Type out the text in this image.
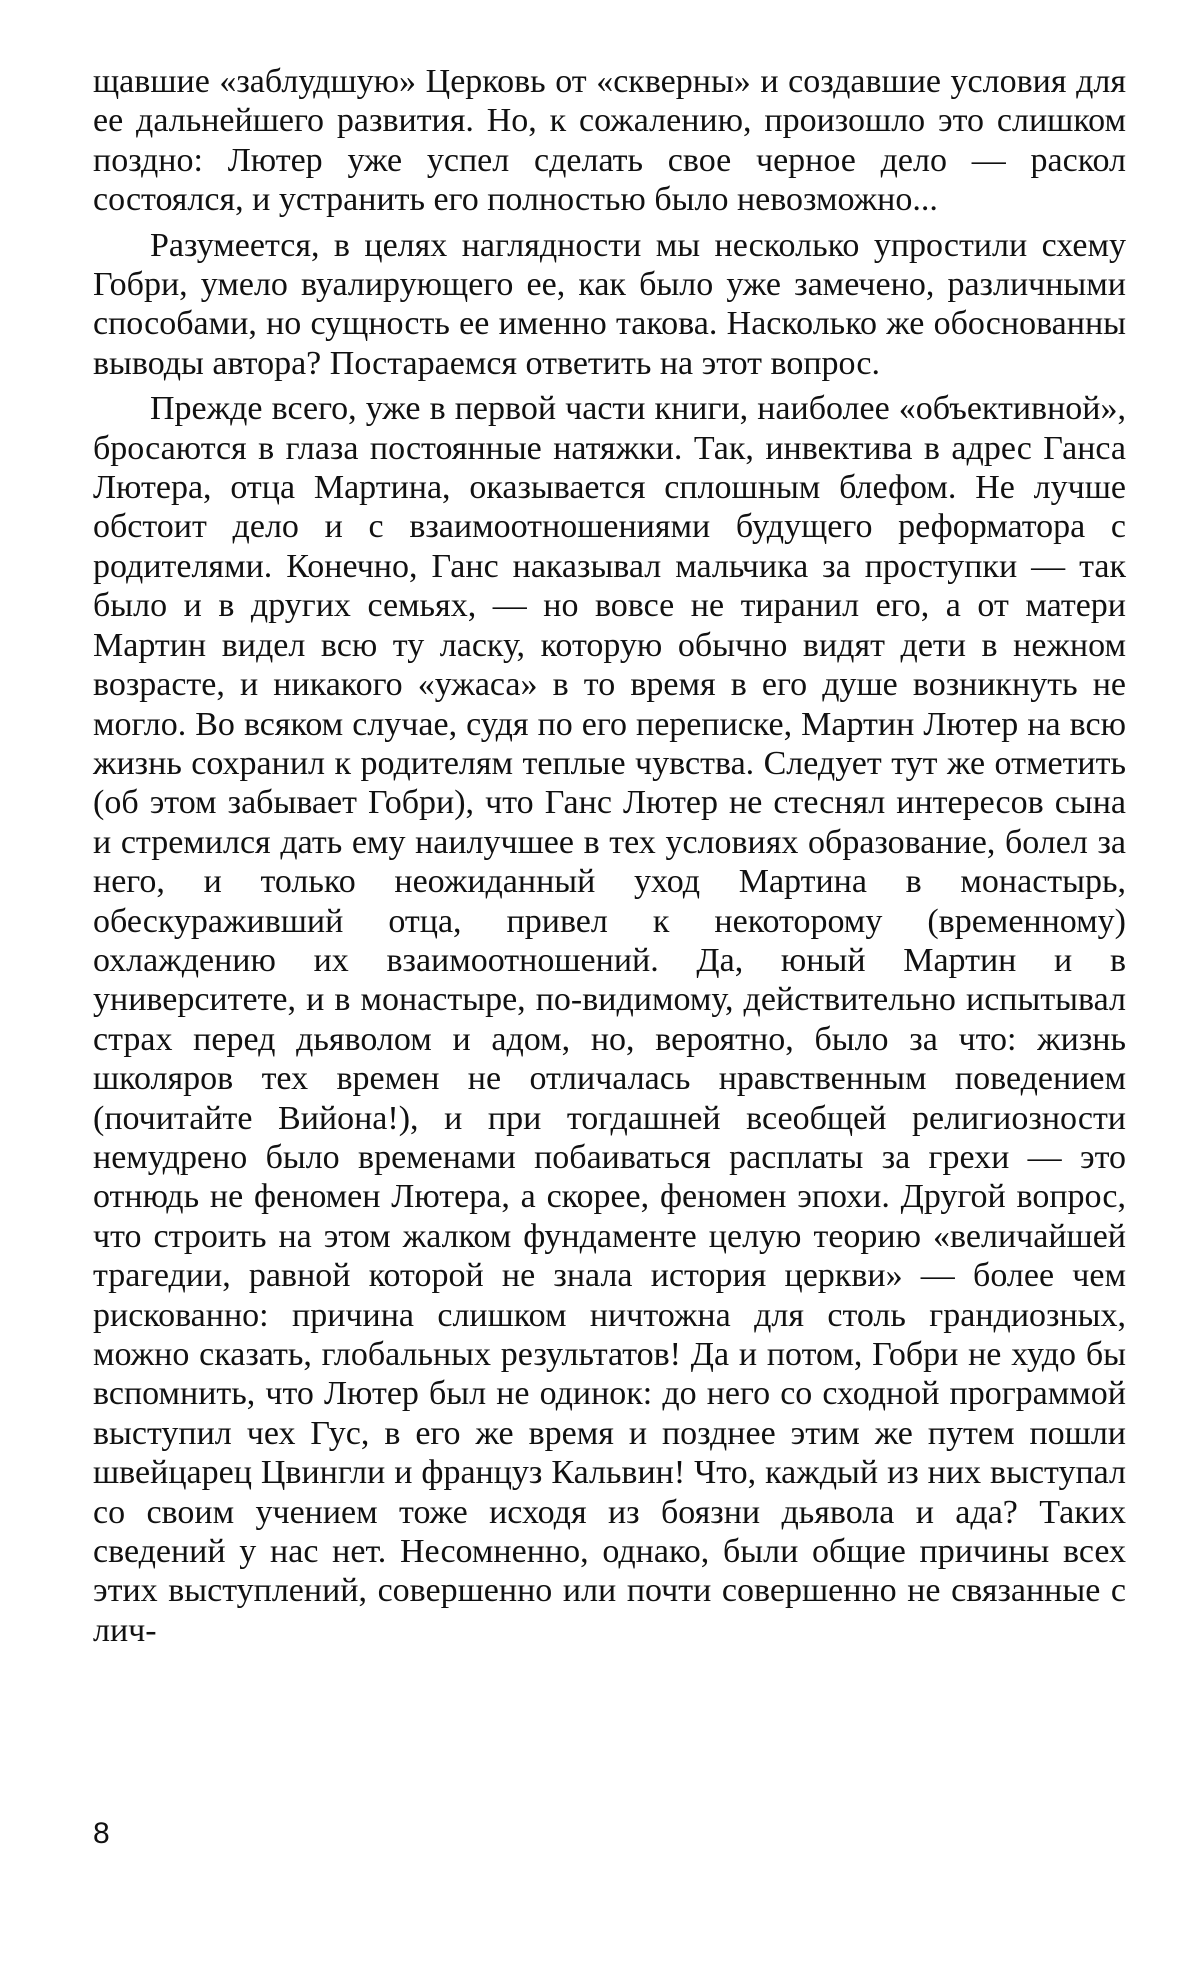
щавшие «заблудшую» Церковь от «скверны» и создавшие условия для ее дальнейшего развития. Но, к сожалению, произошло это слишком поздно: Лютер уже успел сделать свое черное дело — раскол состоялся, и устранить его полностью было невозможно...

Разумеется, в целях наглядности мы несколько упростили схему Гобри, умело вуалирующего ее, как было уже замечено, различными способами, но сущность ее именно такова. Насколько же обоснованны выводы автора? Постараемся ответить на этот вопрос.

Прежде всего, уже в первой части книги, наиболее «объективной», бросаются в глаза постоянные натяжки. Так, инвектива в адрес Ганса Лютера, отца Мартина, оказывается сплошным блефом. Не лучше обстоит дело и с взаимоотношениями будущего реформатора с родителями. Конечно, Ганс наказывал мальчика за проступки — так было и в других семьях, — но вовсе не тиранил его, а от матери Мартин видел всю ту ласку, которую обычно видят дети в нежном возрасте, и никакого «ужаса» в то время в его душе возникнуть не могло. Во всяком случае, судя по его переписке, Мартин Лютер на всю жизнь сохранил к родителям теплые чувства. Следует тут же отметить (об этом забывает Гобри), что Ганс Лютер не стеснял интересов сына и стремился дать ему наилучшее в тех условиях образование, болел за него, и только неожиданный уход Мартина в монастырь, обескураживший отца, привел к некоторому (временному) охлаждению их взаимоотношений. Да, юный Мартин и в университете, и в монастыре, по-видимому, действительно испытывал страх перед дьяволом и адом, но, вероятно, было за что: жизнь школяров тех времен не отличалась нравственным поведением (почитайте Вийона!), и при тогдашней всеобщей религиозности немудрено было временами побаиваться расплаты за грехи — это отнюдь не феномен Лютера, а скорее, феномен эпохи. Другой вопрос, что строить на этом жалком фундаменте целую теорию «величайшей трагедии, равной которой не знала история церкви» — более чем рискованно: причина слишком ничтожна для столь грандиозных, можно сказать, глобальных результатов! Да и потом, Гобри не худо бы вспомнить, что Лютер был не одинок: до него со сходной программой выступил чех Гус, в его же время и позднее этим же путем пошли швейцарец Цвингли и француз Кальвин! Что, каждый из них выступал со своим учением тоже исходя из боязни дьявола и ада? Таких сведений у нас нет. Несомненно, однако, были общие причины всех этих выступлений, совершенно или почти совершенно не связанные с лич-

8
